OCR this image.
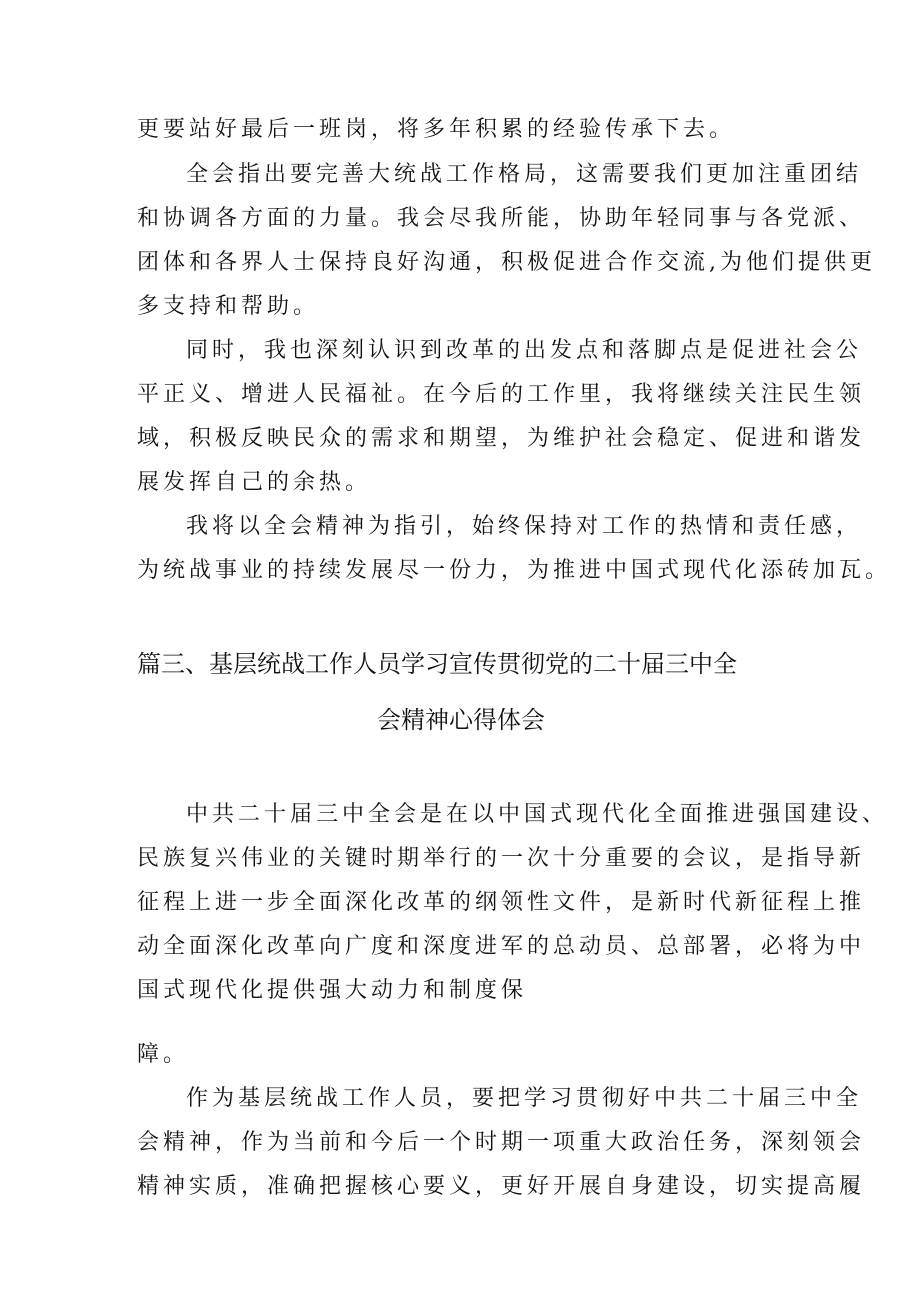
更要站好最后一班岗，将多年积累的经验传承下去。
全会指出要完善大统战工作格局，这需要我们更加注重团结
和协调各方面的力量。我会尽我所能，协助年轻同事与各党派、
团体和各界人士保持良好沟通，积极促进合作交流,为他们提供更
多支持和帮助。
同时，我也深刻认识到改革的出发点和落脚点是促进社会公
平正义、增进人民福祉。在今后的工作里，我将继续关注民生领
域，积极反映民众的需求和期望，为维护社会稳定、促进和谐发
展发挥自己的余热。
我将以全会精神为指引，始终保持对工作的热情和责任感，
为统战事业的持续发展尽一份力，为推进中国式现代化添砖加瓦。
篇三、基层统战工作人员学习宣传贯彻党的二十届三中全
会精神心得体会
中共二十届三中全会是在以中国式现代化全面推进强国建设、
民族复兴伟业的关键时期举行的一次十分重要的会议，是指导新
征程上进一步全面深化改革的纲领性文件，是新时代新征程上推
动全面深化改革向广度和深度进军的总动员、总部署，必将为中
国式现代化提供强大动力和制度保
障。
作为基层统战工作人员，要把学习贯彻好中共二十届三中全
会精神，作为当前和今后一个时期一项重大政治任务，深刻领会
精神实质，准确把握核心要义，更好开展自身建设，切实提高履
